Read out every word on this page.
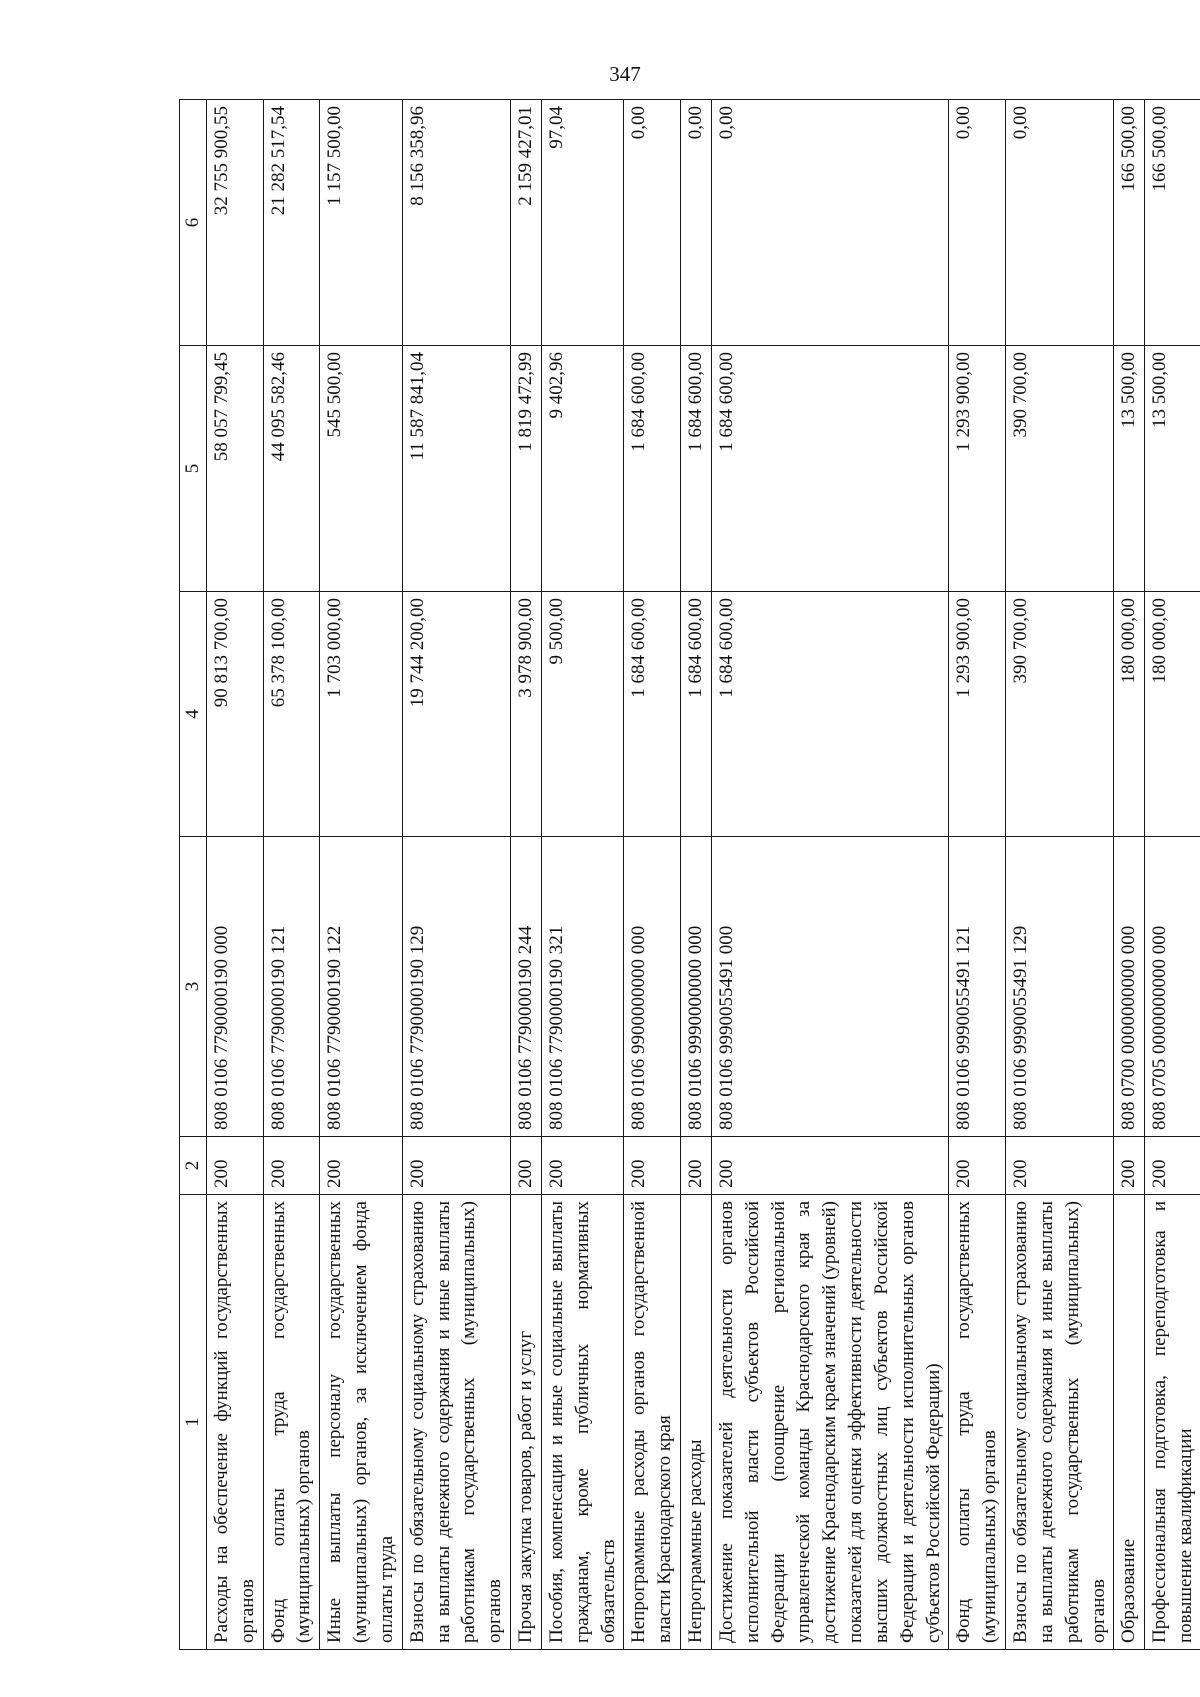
347
1	2	3	4	5	6
Расходы на обеспечение функций государственных органов	200	808 0106 7790000190 000	90 813 700,00	58 057 799,45	32 755 900,55
Фонд оплаты труда государственных (муниципальных) органов	200	808 0106 7790000190 121	65 378 100,00	44 095 582,46	21 282 517,54
Иные выплаты персоналу государственных (муниципальных) органов, за исключением фонда оплаты труда	200	808 0106 7790000190 122	1 703 000,00	545 500,00	1 157 500,00
Взносы по обязательному социальному страхованию на выплаты денежного содержания и иные выплаты работникам государственных (муниципальных) органов	200	808 0106 7790000190 129	19 744 200,00	11 587 841,04	8 156 358,96
Прочая закупка товаров, работ и услуг	200	808 0106 7790000190 244	3 978 900,00	1 819 472,99	2 159 427,01
Пособия, компенсации и иные социальные выплаты гражданам, кроме публичных нормативных обязательств	200	808 0106 7790000190 321	9 500,00	9 402,96	97,04
Непрограммные расходы органов государственной власти Краснодарского края	200	808 0106 9900000000 000	1 684 600,00	1 684 600,00	0,00
Непрограммные расходы	200	808 0106 9990000000 000	1 684 600,00	1 684 600,00	0,00
Достижение показателей деятельности органов исполнительной власти субъектов Российской Федерации (поощрение региональной управленческой команды Краснодарского края за достижение Краснодарским краем значений (уровней) показателей для оценки эффективности деятельности высших должностных лиц субъектов Российской Федерации и деятельности исполнительных органов субъектов Российской Федерации)	200	808 0106 9990055491 000	1 684 600,00	1 684 600,00	0,00
Фонд оплаты труда государственных (муниципальных) органов	200	808 0106 9990055491 121	1 293 900,00	1 293 900,00	0,00
Взносы по обязательному социальному страхованию на выплаты денежного содержания и иные выплаты работникам государственных (муниципальных) органов	200	808 0106 9990055491 129	390 700,00	390 700,00	0,00
Образование	200	808 0700 0000000000 000	180 000,00	13 500,00	166 500,00
Профессиональная подготовка, переподготовка и повышение квалификации	200	808 0705 0000000000 000	180 000,00	13 500,00	166 500,00
